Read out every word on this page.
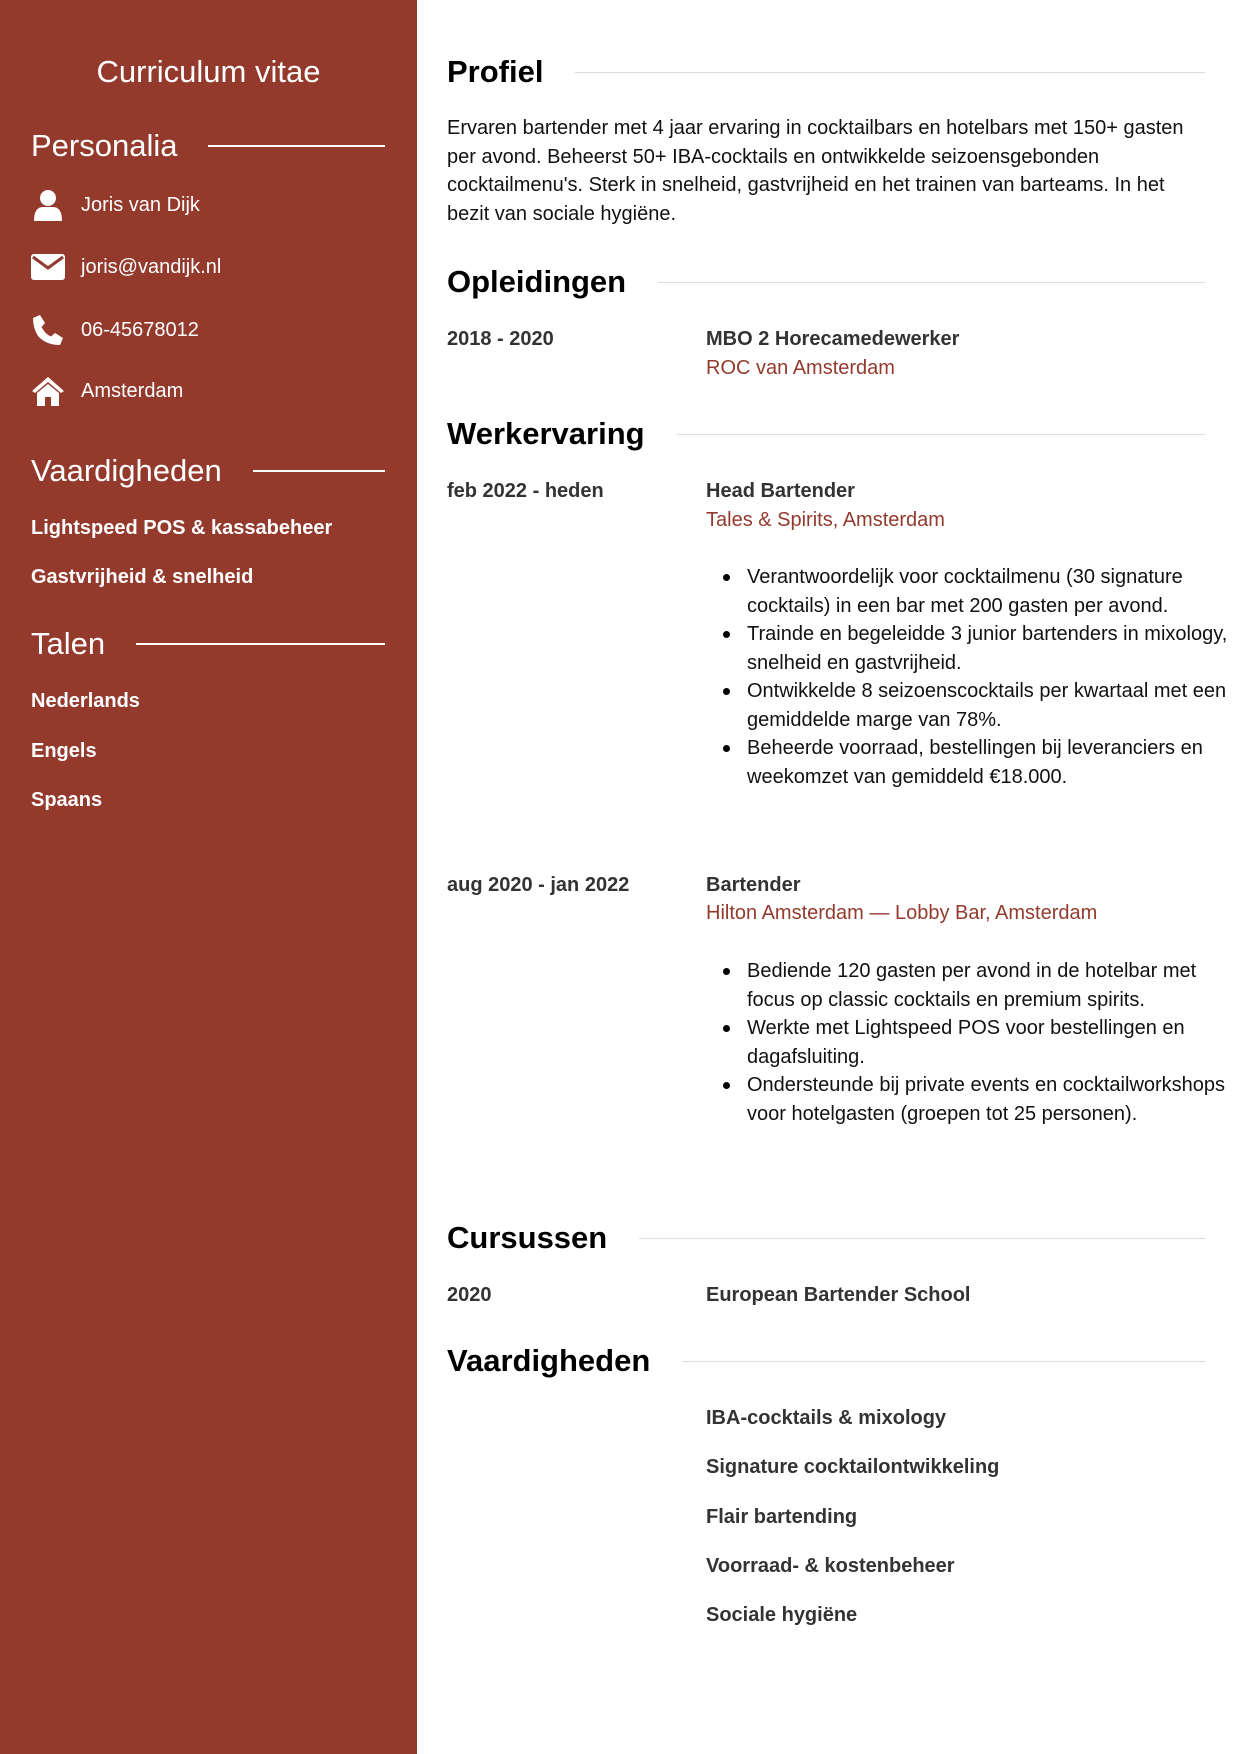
Curriculum vitae
Personalia
Joris van Dijk
joris@vandijk.nl
06-45678012
Amsterdam
Vaardigheden
Lightspeed POS & kassabeheer
Gastvrijheid & snelheid
Talen
Nederlands
Engels
Spaans
Profiel

Ervaren bartender met 4 jaar ervaring in cocktailbars en hotelbars met 150+ gasten per avond. Beheerst 50+ IBA-cocktails en ontwikkelde seizoensgebonden cocktailmenu's. Sterk in snelheid, gastvrijheid en het trainen van barteams. In het bezit van sociale hygiëne.

Opleidingen
2018 - 2020	MBO 2 Horecamedewerker
ROC van Amsterdam
Werkervaring
feb 2022 - heden	Head Bartender
Tales & Spirits, Amsterdam
Verantwoordelijk voor cocktailmenu (30 signature cocktails) in een bar met 200 gasten per avond.
Trainde en begeleidde 3 junior bartenders in mixology, snelheid en gastvrijheid.
Ontwikkelde 8 seizoenscocktails per kwartaal met een gemiddelde marge van 78%.
Beheerde voorraad, bestellingen bij leveranciers en weekomzet van gemiddeld €18.000.
aug 2020 - jan 2022	Bartender
Hilton Amsterdam — Lobby Bar, Amsterdam
Bediende 120 gasten per avond in de hotelbar met focus op classic cocktails en premium spirits.
Werkte met Lightspeed POS voor bestellingen en dagafsluiting.
Ondersteunde bij private events en cocktailworkshops voor hotelgasten (groepen tot 25 personen).
Cursussen
2020	European Bartender School
Vaardigheden
IBA-cocktails & mixology
Signature cocktailontwikkeling
Flair bartending
Voorraad- & kostenbeheer
Sociale hygiëne
